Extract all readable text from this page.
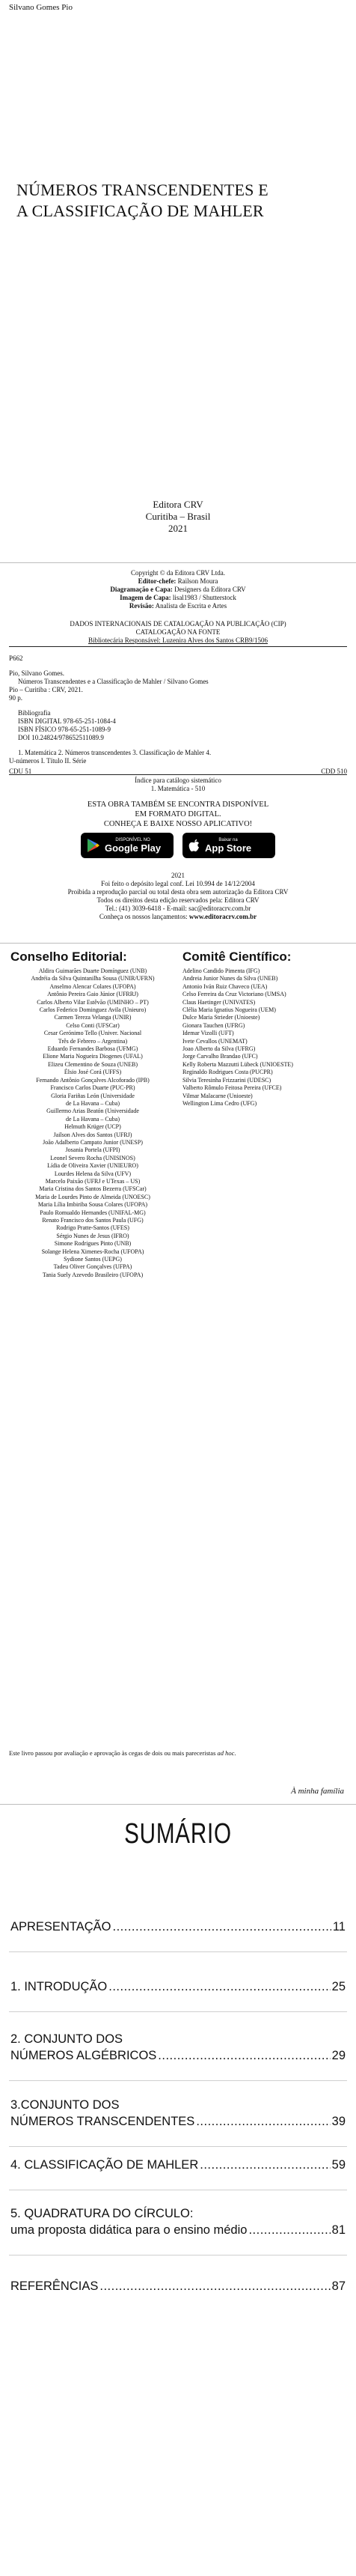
Silvano Gomes Pio
NÚMEROS TRANSCENDENTES E
A CLASSIFICAÇÃO DE MAHLER
Editora CRV
Curitiba – Brasil
2021
Copyright © da Editora CRV Ltda.
Editor-chefe: Railson Moura
Diagramação e Capa: Designers da Editora CRV
Imagem de Capa: lisal1983 / Shutterstock
Revisão: Analista de Escrita e Artes
DADOS INTERNACIONAIS DE CATALOGAÇÃO NA PUBLICAÇÃO (CIP)
CATALOGAÇÃO NA FONTE
Bibliotecária Responsável: Luzenira Alves dos Santos CRB9/1506
P662
Pio, Silvano Gomes.
Números Transcendentes e a Classificação de Mahler / Silvano Gomes
Pio – Curitiba : CRV, 2021.
90 p.
Bibliografia
ISBN DIGITAL 978-65-251-1084-4
ISBN FÍSICO 978-65-251-1089-9
DOI 10.24824/978652511089.9
1. Matemática 2. Números transcendentes 3. Classificação de Mahler 4.
U-números I. Título II. Série
CDU 51	CDD 510
Índice para catálogo sistemático
1. Matemática - 510
ESTA OBRA TAMBÉM SE ENCONTRA DISPONÍVEL
EM FORMATO DIGITAL.
CONHEÇA E BAIXE NOSSO APLICATIVO!
DISPONÍVEL NO
Google Play
Baixar na
App Store
2021
Foi feito o depósito legal conf. Lei 10.994 de 14/12/2004
Proibida a reprodução parcial ou total desta obra sem autorização da Editora CRV
Todos os direitos desta edição reservados pela: Editora CRV
Tel.: (41) 3039-6418 - E-mail: sac@editoracrv.com.br
Conheça os nossos lançamentos: www.editoracrv.com.br
Conselho Editorial:	Comitê Científico:
Aldira Guimarães Duarte Domínguez (UNB)
Andréia da Silva Quintanilha Sousa (UNIR/UFRN)
Anselmo Alencar Colares (UFOPA)
Antônio Pereira Gaio Júnior (UFRRJ)
Carlos Alberto Vilar Estêvão (UMINHO – PT)
Carlos Federico Dominguez Avila (Unieuro)
Carmen Tereza Velanga (UNIR)
Celso Conti (UFSCar)
Cesar Gerónimo Tello (Univer. Nacional
Três de Febrero – Argentina)
Eduardo Fernandes Barbosa (UFMG)
Elione Maria Nogueira Diogenes (UFAL)
Elizeu Clementino de Souza (UNEB)
Élsio José Corá (UFFS)
Fernando Antônio Gonçalves Alcoforado (IPB)
Francisco Carlos Duarte (PUC-PR)
Gloria Fariñas León (Universidade
de La Havana – Cuba)
Guillermo Arias Beatón (Universidade
de La Havana – Cuba)
Helmuth Krüger (UCP)
Jailson Alves dos Santos (UFRJ)
João Adalberto Campato Junior (UNESP)
Josania Portela (UFPI)
Leonel Severo Rocha (UNISINOS)
Lídia de Oliveira Xavier (UNIEURO)
Lourdes Helena da Silva (UFV)
Marcelo Paixão (UFRJ e UTexas – US)
Maria Cristina dos Santos Bezerra (UFSCar)
Maria de Lourdes Pinto de Almeida (UNOESC)
Maria Lília Imbiriba Sousa Colares (UFOPA)
Paulo Romualdo Hernandes (UNIFAL-MG)
Renato Francisco dos Santos Paula (UFG)
Rodrigo Pratte-Santos (UFES)
Sérgio Nunes de Jesus (IFRO)
Simone Rodrigues Pinto (UNB)
Solange Helena Ximenes-Rocha (UFOPA)
Sydione Santos (UEPG)
Tadeu Oliver Gonçalves (UFPA)
Tania Suely Azevedo Brasileiro (UFOPA)
Adelino Candido Pimenta (IFG)
Andreia Junior Nunes da Silva (UNEB)
Antonio Iván Ruiz Chaveco (UEA)
Celso Ferreira da Cruz Victoriano (UMSA)
Claus Haetinger (UNIVATES)
Clélia Maria Ignatius Nogueira (UEM)
Dulce Maria Strieder (Unioeste)
Gionara Tauchen (UFRG)
Idemar Vizolli (UFT)
Ivete Cevallos (UNEMAT)
Joao Alberto da Silva (UFRG)
Jorge Carvalho Brandao (UFC)
Kelly Roberta Mazzutti Lübeck (UNIOESTE)
Reginaldo Rodrigues Costa (PUCPR)
Silvia Teresinha Frizzarini (UDESC)
Valberto Rômulo Feitosa Pereira (UFCE)
Vilmar Malacarne (Unioeste)
Wellington Lima Cedro (UFG)
Este livro passou por avaliação e aprovação às cegas de dois ou mais pareceristas ad hoc.
À minha família
SUMÁRIO
APRESENTAÇÃO .....	11
1. INTRODUÇÃO .....	25
2. CONJUNTO DOS
NÚMEROS ALGÉBRICOS .....	29
3.CONJUNTO DOS
NÚMEROS TRANSCENDENTES .....	39
4. CLASSIFICAÇÃO DE MAHLER .....	59
5. QUADRATURA DO CÍRCULO:
uma proposta didática para o ensino médio .....	81
REFERÊNCIAS .....	87
